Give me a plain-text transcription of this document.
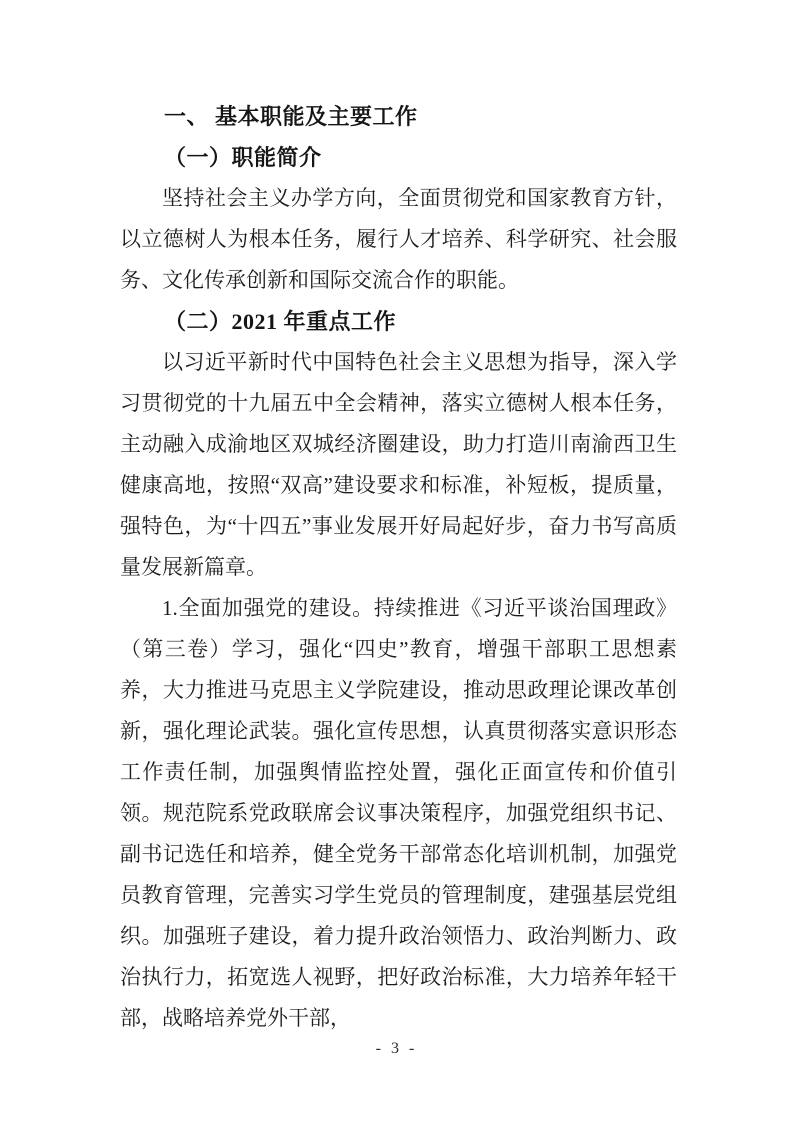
一、 基本职能及主要工作
（一）职能简介

坚持社会主义办学方向，全面贯彻党和国家教育方针，以立德树人为根本任务，履行人才培养、科学研究、社会服务、文化传承创新和国际交流合作的职能。

（二）2021 年重点工作

以习近平新时代中国特色社会主义思想为指导，深入学习贯彻党的十九届五中全会精神，落实立德树人根本任务，主动融入成渝地区双城经济圈建设，助力打造川南渝西卫生健康高地，按照“双高”建设要求和标准，补短板，提质量，强特色，为“十四五”事业发展开好局起好步，奋力书写高质量发展新篇章。

1.全面加强党的建设。持续推进《习近平谈治国理政》（第三卷）学习，强化“四史”教育，增强干部职工思想素养，大力推进马克思主义学院建设，推动思政理论课改革创新，强化理论武装。强化宣传思想，认真贯彻落实意识形态工作责任制，加强舆情监控处置，强化正面宣传和价值引领。规范院系党政联席会议事决策程序，加强党组织书记、副书记选任和培养，健全党务干部常态化培训机制，加强党员教育管理，完善实习学生党员的管理制度，建强基层党组织。加强班子建设，着力提升政治领悟力、政治判断力、政治执行力，拓宽选人视野，把好政治标准，大力培养年轻干部，战略培养党外干部，

- 3 -
